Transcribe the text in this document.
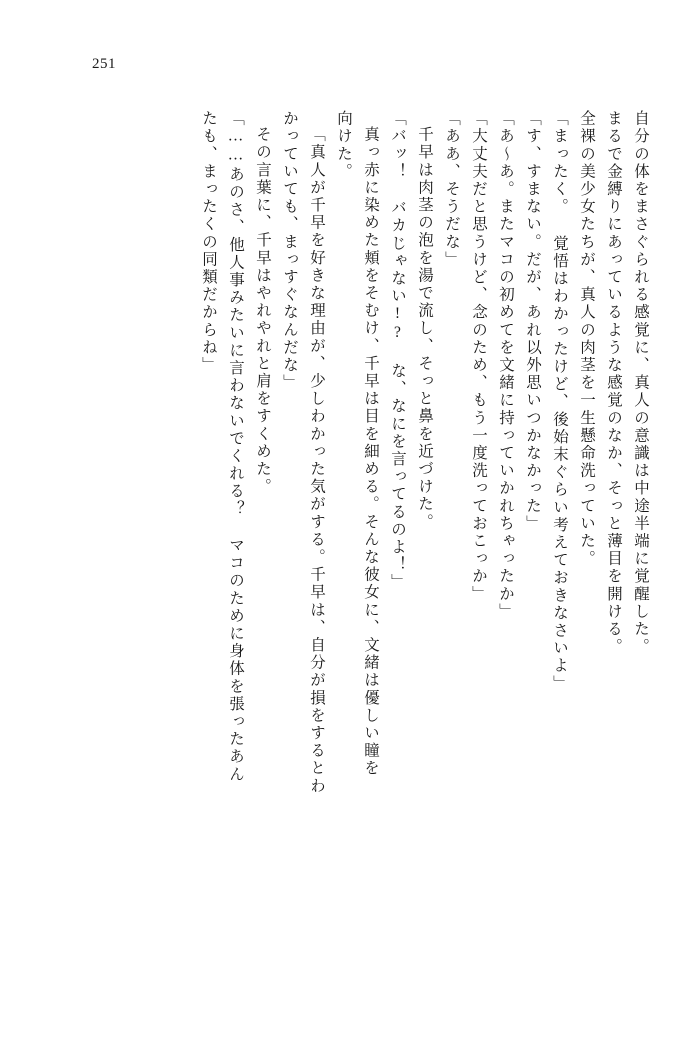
251
自分の体をまさぐられる感覚に、真人の意識は中途半端に覚醒した。
まるで金縛りにあっているような感覚のなか、そっと薄目を開ける。
全裸の美少女たちが、真人の肉茎を一生懸命洗っていた。
「まったく。 覚悟はわかったけど、後始末ぐらい考えておきなさいよ」
「す、すまない。だが、あれ以外思いつかなかった」
「あ～あ。またマコの初めてを文緒に持っていかれちゃったか」
「大丈夫だと思うけど、念のため、もう一度洗っておこっか」
「ああ、そうだな」
千早は肉茎の泡を湯で流し、そっと鼻を近づけた。
「バッ！ バカじゃない!? な、なにを言ってるのよ！」
真っ赤に染めた頬をそむけ、千早は目を細める。そんな彼女に、文緒は優しい瞳を
向けた。
「真人が千早を好きな理由が、少しわかった気がする。千早は、自分が損をするとわ
かっていても、まっすぐなんだな」
その言葉に、千早はやれやれと肩をすくめた。
「……あのさ、他人事みたいに言わないでくれる？ マコのために身体を張ったあん
たも、まったくの同類だからね」
